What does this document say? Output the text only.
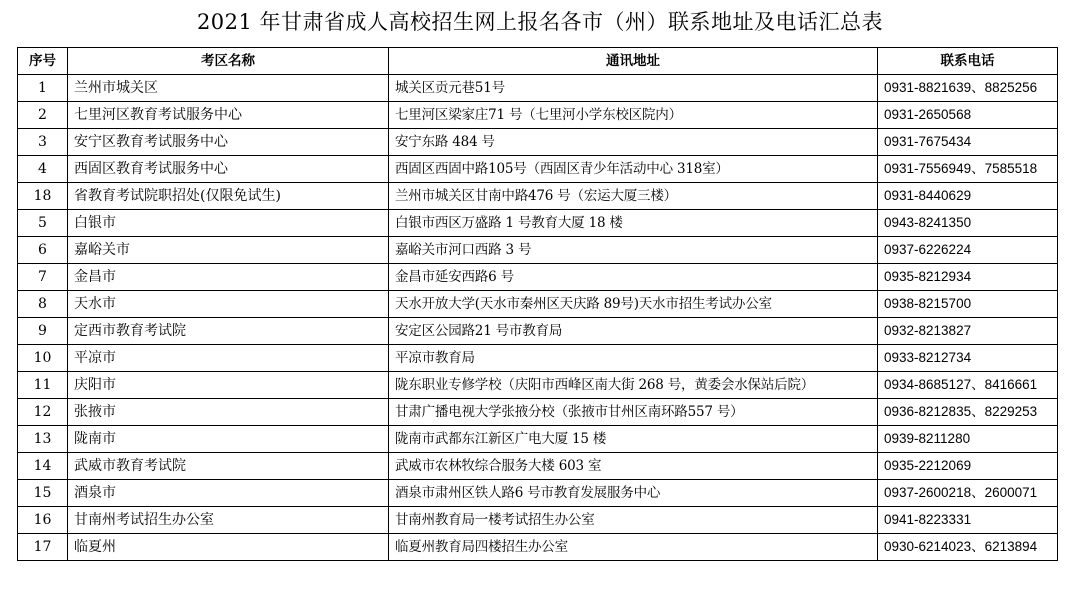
2021 年甘肃省成人高校招生网上报名各市（州）联系地址及电话汇总表
序号	考区名称	通讯地址	联系电话
1	兰州市城关区	城关区贡元巷51号	0931-8821639、8825256
2	七里河区教育考试服务中心	七里河区梁家庄71 号（七里河小学东校区院内）	0931-2650568
3	安宁区教育考试服务中心	安宁东路 484 号	0931-7675434
4	西固区教育考试服务中心	西固区西固中路105号（西固区青少年活动中心 318室）	0931-7556949、7585518
18	省教育考试院职招处(仅限免试生)	兰州市城关区甘南中路476 号（宏运大厦三楼）	0931-8440629
5	白银市	白银市西区万盛路 1 号教育大厦 18 楼	0943-8241350
6	嘉峪关市	嘉峪关市河口西路 3 号	0937-6226224
7	金昌市	金昌市延安西路6 号	0935-8212934
8	天水市	天水开放大学(天水市秦州区天庆路 89号)天水市招生考试办公室	0938-8215700
9	定西市教育考试院	安定区公园路21 号市教育局	0932-8213827
10	平凉市	平凉市教育局	0933-8212734
11	庆阳市	陇东职业专修学校（庆阳市西峰区南大街 268 号，黄委会水保站后院）	0934-8685127、8416661
12	张掖市	甘肃广播电视大学张掖分校（张掖市甘州区南环路557 号）	0936-8212835、8229253
13	陇南市	陇南市武都东江新区广电大厦 15 楼	0939-8211280
14	武威市教育考试院	武威市农林牧综合服务大楼 603 室	0935-2212069
15	酒泉市	酒泉市肃州区铁人路6 号市教育发展服务中心	0937-2600218、2600071
16	甘南州考试招生办公室	甘南州教育局一楼考试招生办公室	0941-8223331
17	临夏州	临夏州教育局四楼招生办公室	0930-6214023、6213894
